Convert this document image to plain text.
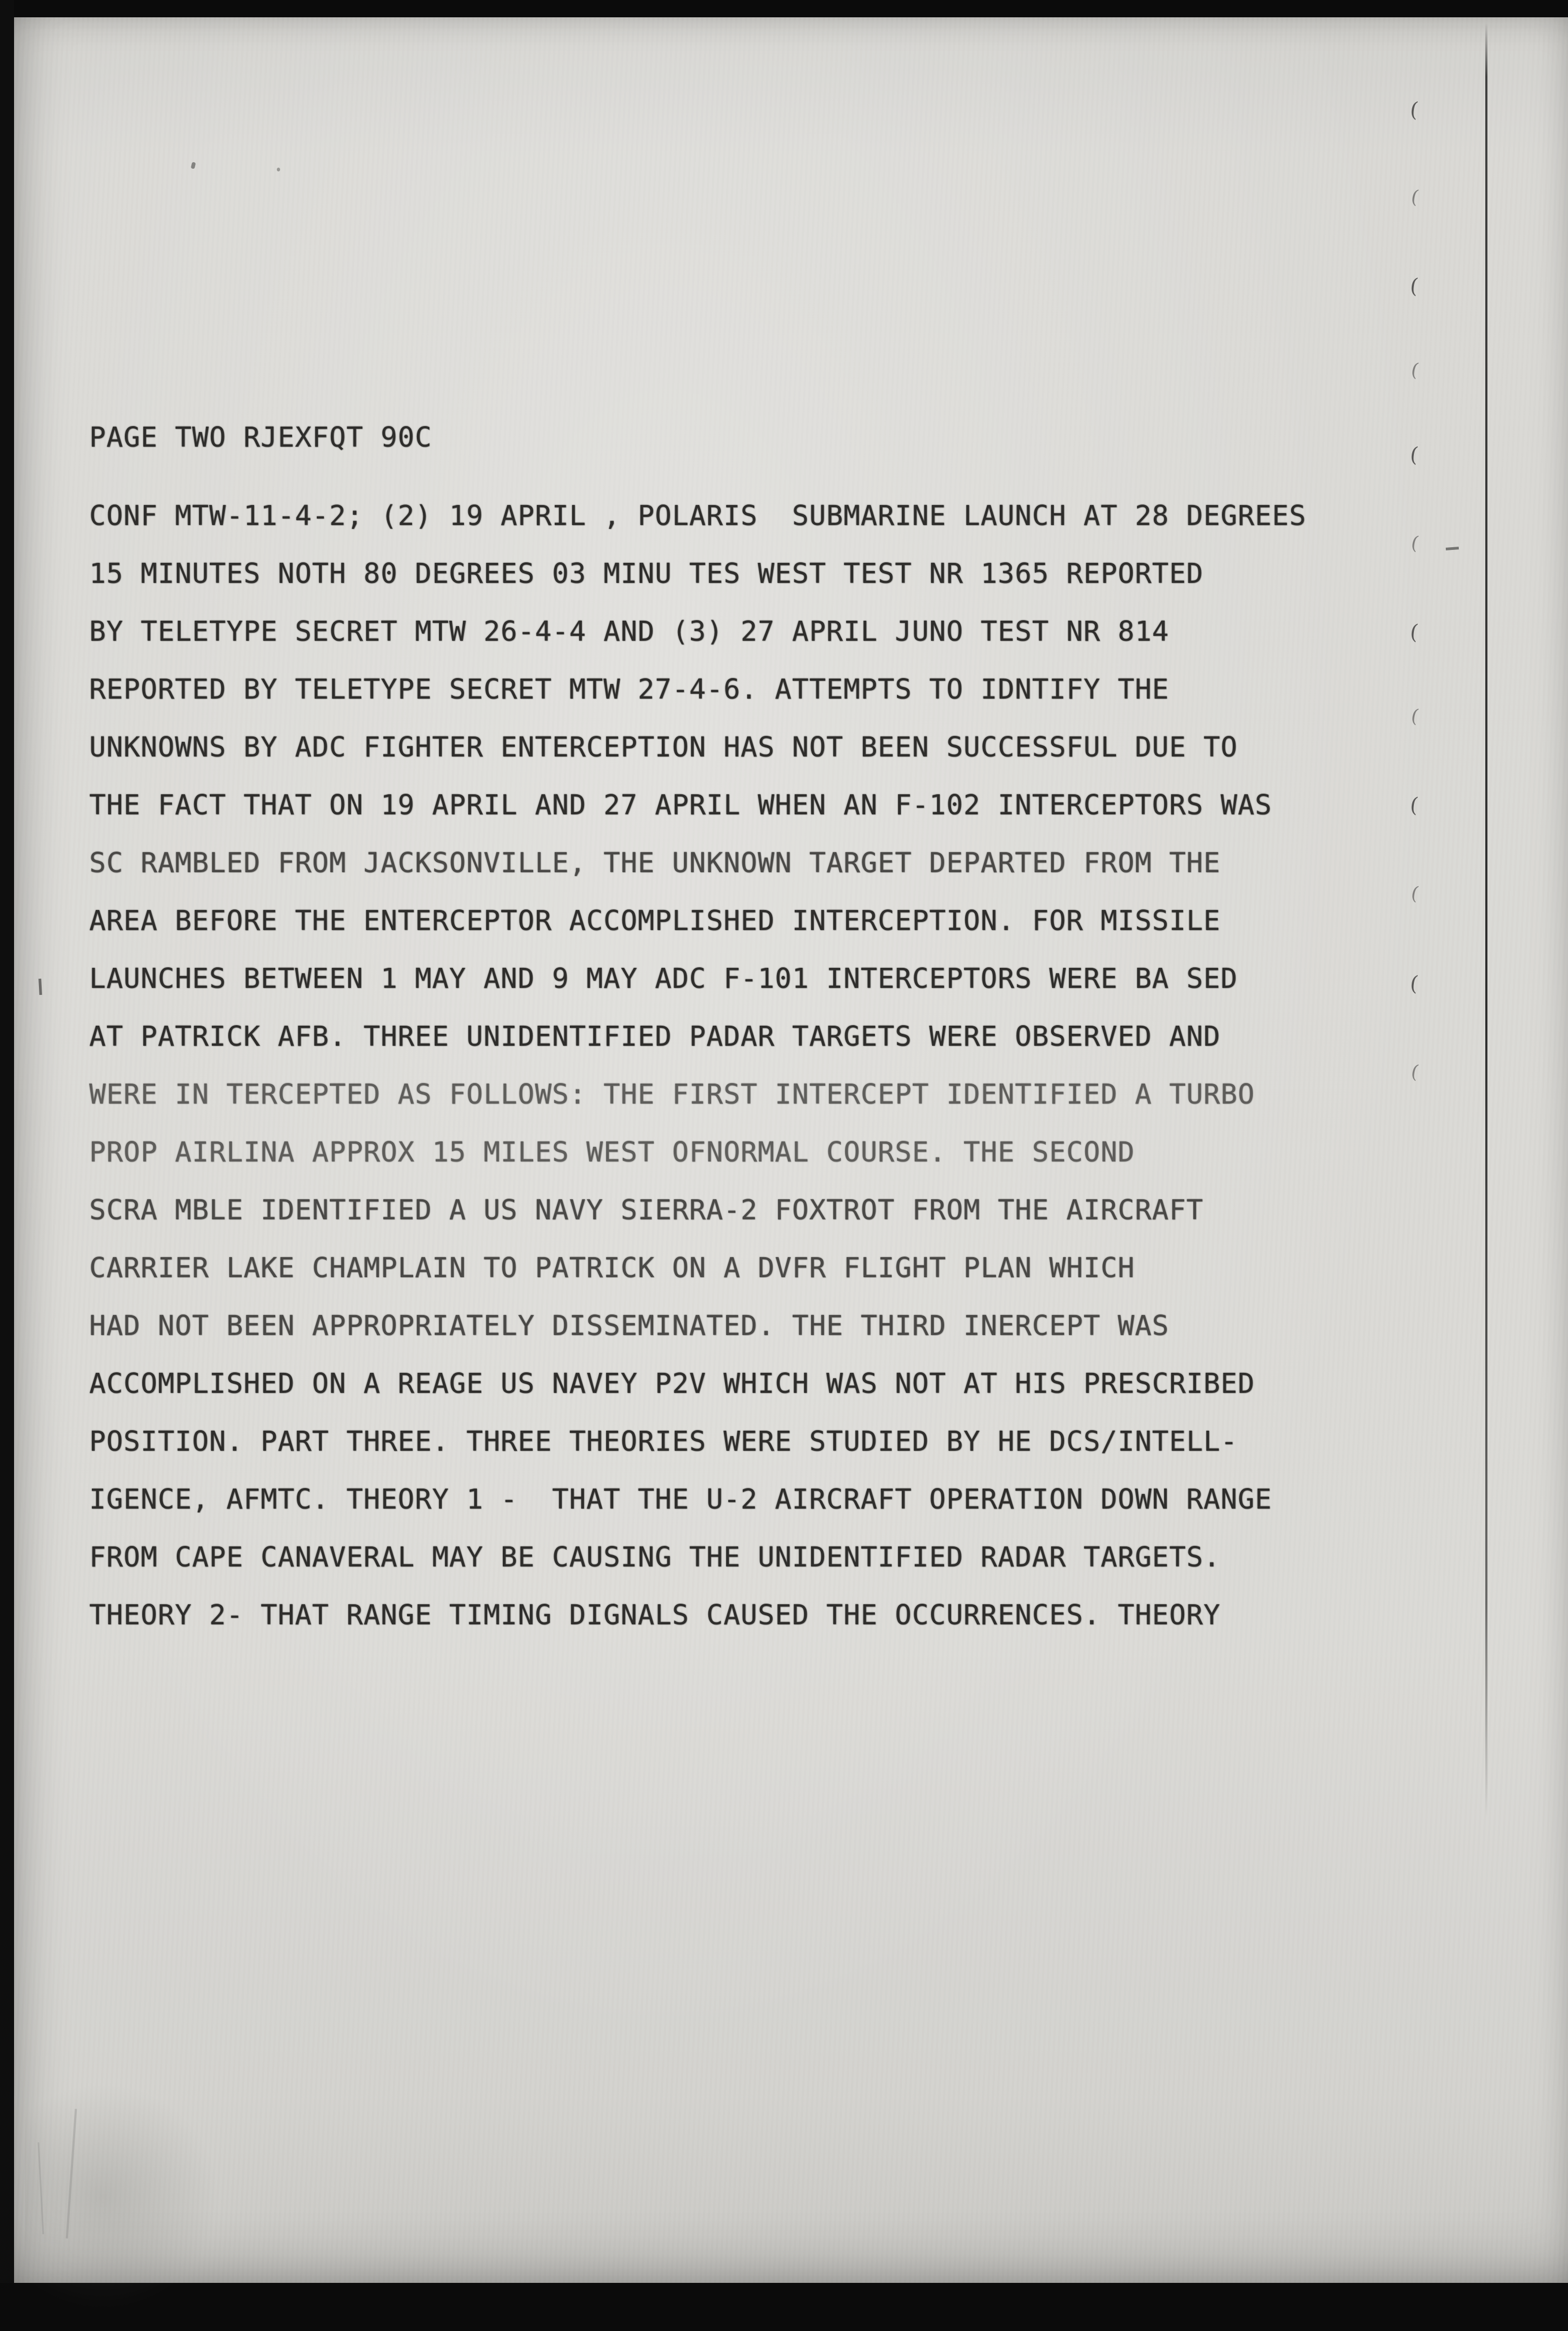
(
(
(
(
(
(
(
(
(
(
(
(
PAGE TWO RJEXFQT 90C
CONF MTW-11-4-2; (2) 19 APRIL , POLARIS  SUBMARINE LAUNCH AT 28 DEGREES
15 MINUTES NOTH 80 DEGREES 03 MINU TES WEST TEST NR 1365 REPORTED
BY TELETYPE SECRET MTW 26-4-4 AND (3) 27 APRIL JUNO TEST NR 814
REPORTED BY TELETYPE SECRET MTW 27-4-6. ATTEMPTS TO IDNTIFY THE
UNKNOWNS BY ADC FIGHTER ENTERCEPTION HAS NOT BEEN SUCCESSFUL DUE TO
THE FACT THAT ON 19 APRIL AND 27 APRIL WHEN AN F-102 INTERCEPTORS WAS
SC RAMBLED FROM JACKSONVILLE, THE UNKNOWN TARGET DEPARTED FROM THE
AREA BEFORE THE ENTERCEPTOR ACCOMPLISHED INTERCEPTION. FOR MISSILE
LAUNCHES BETWEEN 1 MAY AND 9 MAY ADC F-101 INTERCEPTORS WERE BA SED
AT PATRICK AFB. THREE UNIDENTIFIED PADAR TARGETS WERE OBSERVED AND
WERE IN TERCEPTED AS FOLLOWS: THE FIRST INTERCEPT IDENTIFIED A TURBO
PROP AIRLINA APPROX 15 MILES WEST OFNORMAL COURSE. THE SECOND
SCRA MBLE IDENTIFIED A US NAVY SIERRA-2 FOXTROT FROM THE AIRCRAFT
CARRIER LAKE CHAMPLAIN TO PATRICK ON A DVFR FLIGHT PLAN WHICH
HAD NOT BEEN APPROPRIATELY DISSEMINATED. THE THIRD INERCEPT WAS
ACCOMPLISHED ON A REAGE US NAVEY P2V WHICH WAS NOT AT HIS PRESCRIBED
POSITION. PART THREE. THREE THEORIES WERE STUDIED BY HE DCS/INTELL-
IGENCE, AFMTC. THEORY 1 -  THAT THE U-2 AIRCRAFT OPERATION DOWN RANGE
FROM CAPE CANAVERAL MAY BE CAUSING THE UNIDENTIFIED RADAR TARGETS.
THEORY 2- THAT RANGE TIMING DIGNALS CAUSED THE OCCURRENCES. THEORY
